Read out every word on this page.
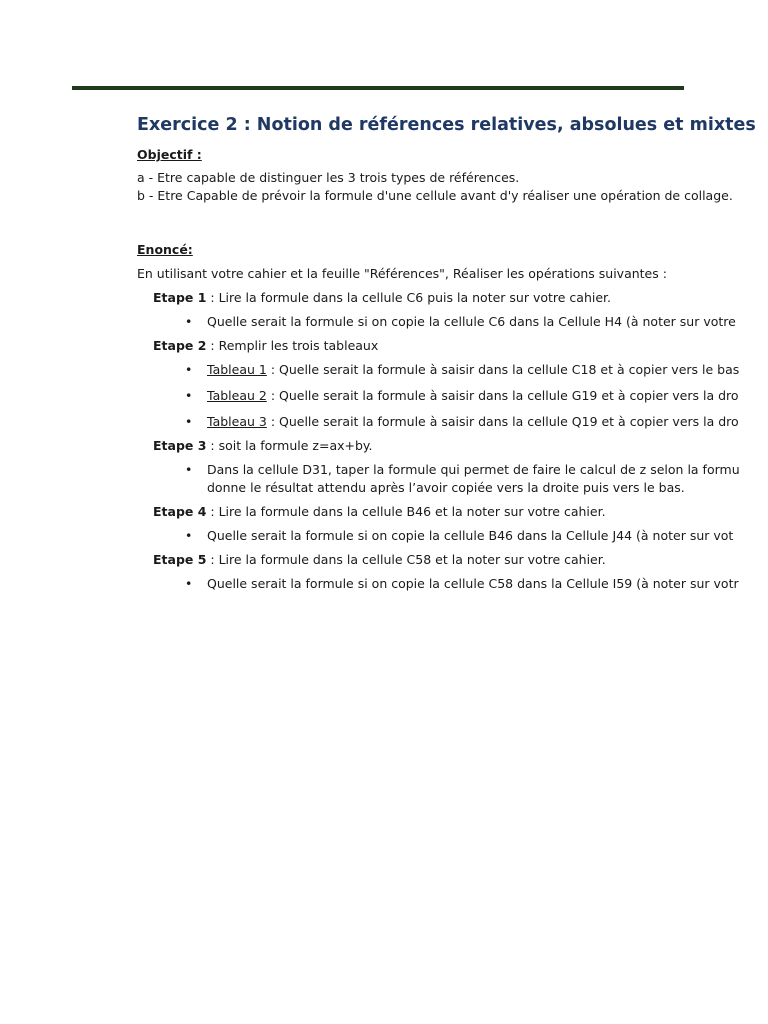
Exercice 2 : Notion de références relatives, absolues et mixtes

Objectif :

a - Etre capable de distinguer les 3 trois types de références.

b - Etre Capable de prévoir la formule d'une cellule avant d'y réaliser une opération de collage.

Enoncé:

En utilisant votre cahier et la feuille "Références", Réaliser les opérations suivantes :

Etape 1 : Lire la formule dans la cellule C6 puis la noter sur votre cahier.

• Quelle serait la formule si on copie la cellule C6 dans la Cellule H4 (à noter sur votre

Etape 2 : Remplir les trois tableaux

• Tableau 1 : Quelle serait la formule à saisir dans la cellule C18 et à copier vers le bas

• Tableau 2 : Quelle serait la formule à saisir dans la cellule G19 et à copier vers la dro

• Tableau 3 : Quelle serait la formule à saisir dans la cellule Q19 et à copier vers la dro

Etape 3 : soit la formule z=ax+by.

• Dans la cellule D31, taper la formule qui permet de faire le calcul de z selon la formu

donne le résultat attendu après l’avoir copiée vers la droite puis vers le bas.

Etape 4 : Lire la formule dans la cellule B46 et la noter sur votre cahier.

• Quelle serait la formule si on copie la cellule B46 dans la Cellule J44 (à noter sur vot

Etape 5 : Lire la formule dans la cellule C58 et la noter sur votre cahier.

• Quelle serait la formule si on copie la cellule C58 dans la Cellule I59 (à noter sur votr
